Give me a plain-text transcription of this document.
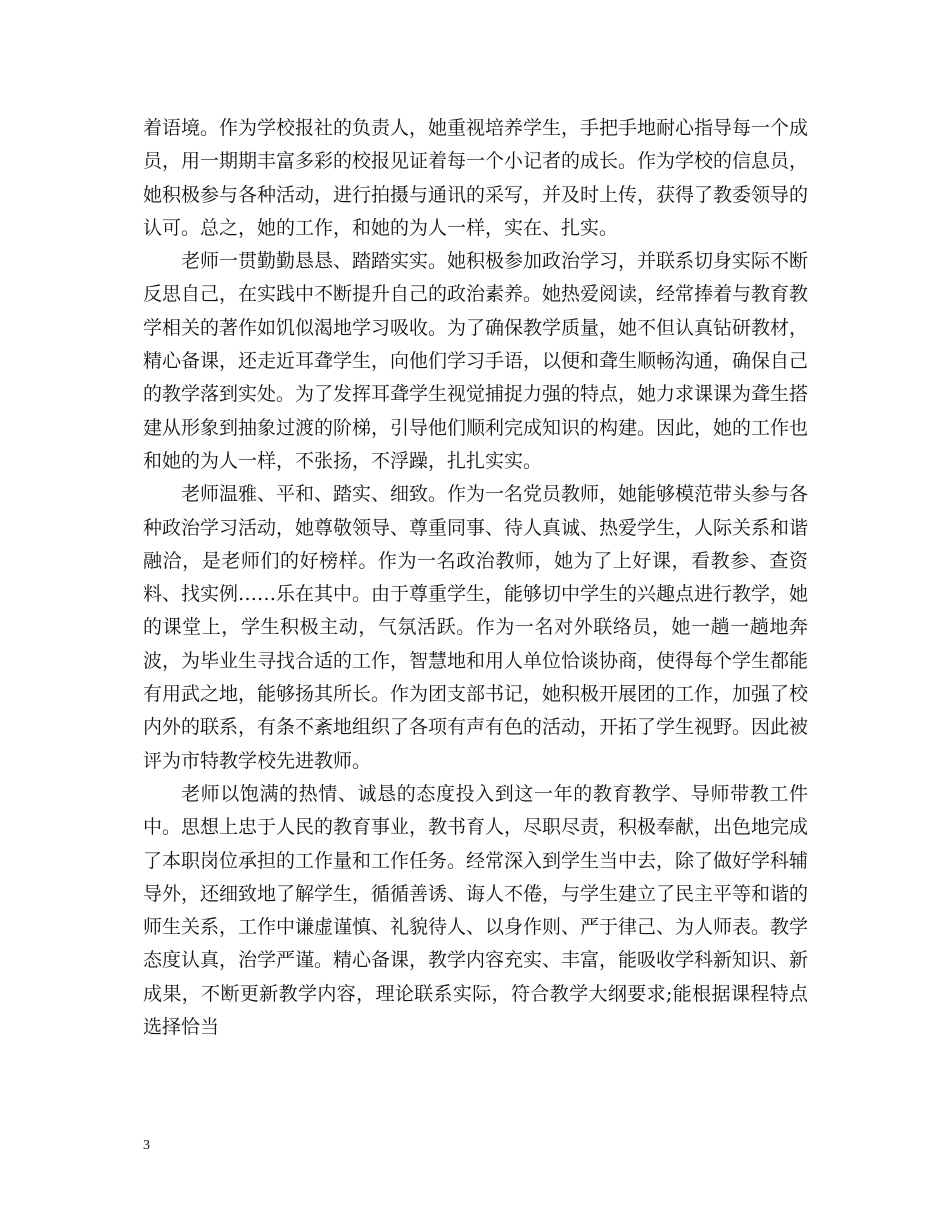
着语境。作为学校报社的负责人，她重视培养学生，手把手地耐心指导每一个成员，用一期期丰富多彩的校报见证着每一个小记者的成长。作为学校的信息员，她积极参与各种活动，进行拍摄与通讯的采写，并及时上传，获得了教委领导的认可。总之，她的工作，和她的为人一样，实在、扎实。

老师一贯勤勤恳恳、踏踏实实。她积极参加政治学习，并联系切身实际不断反思自己，在实践中不断提升自己的政治素养。她热爱阅读，经常捧着与教育教学相关的著作如饥似渴地学习吸收。为了确保教学质量，她不但认真钻研教材，精心备课，还走近耳聋学生，向他们学习手语，以便和聋生顺畅沟通，确保自己的教学落到实处。为了发挥耳聋学生视觉捕捉力强的特点，她力求课课为聋生搭建从形象到抽象过渡的阶梯，引导他们顺利完成知识的构建。因此，她的工作也和她的为人一样，不张扬，不浮躁，扎扎实实。

老师温雅、平和、踏实、细致。作为一名党员教师，她能够模范带头参与各种政治学习活动，她尊敬领导、尊重同事、待人真诚、热爱学生，人际关系和谐融洽，是老师们的好榜样。作为一名政治教师，她为了上好课，看教参、查资料、找实例……乐在其中。由于尊重学生，能够切中学生的兴趣点进行教学，她的课堂上，学生积极主动，气氛活跃。作为一名对外联络员，她一趟一趟地奔波，为毕业生寻找合适的工作，智慧地和用人单位恰谈协商，使得每个学生都能有用武之地，能够扬其所长。作为团支部书记，她积极开展团的工作，加强了校内外的联系，有条不紊地组织了各项有声有色的活动，开拓了学生视野。因此被评为市特教学校先进教师。

老师以饱满的热情、诚恳的态度投入到这一年的教育教学、导师带教工件中。思想上忠于人民的教育事业，教书育人，尽职尽责，积极奉献，出色地完成了本职岗位承担的工作量和工作任务。经常深入到学生当中去，除了做好学科辅导外，还细致地了解学生，循循善诱、诲人不倦，与学生建立了民主平等和谐的师生关系，工作中谦虚谨慎、礼貌待人、以身作则、严于律己、为人师表。教学态度认真，治学严谨。精心备课，教学内容充实、丰富，能吸收学科新知识、新成果，不断更新教学内容，理论联系实际，符合教学大纲要求;能根据课程特点选择恰当

3
